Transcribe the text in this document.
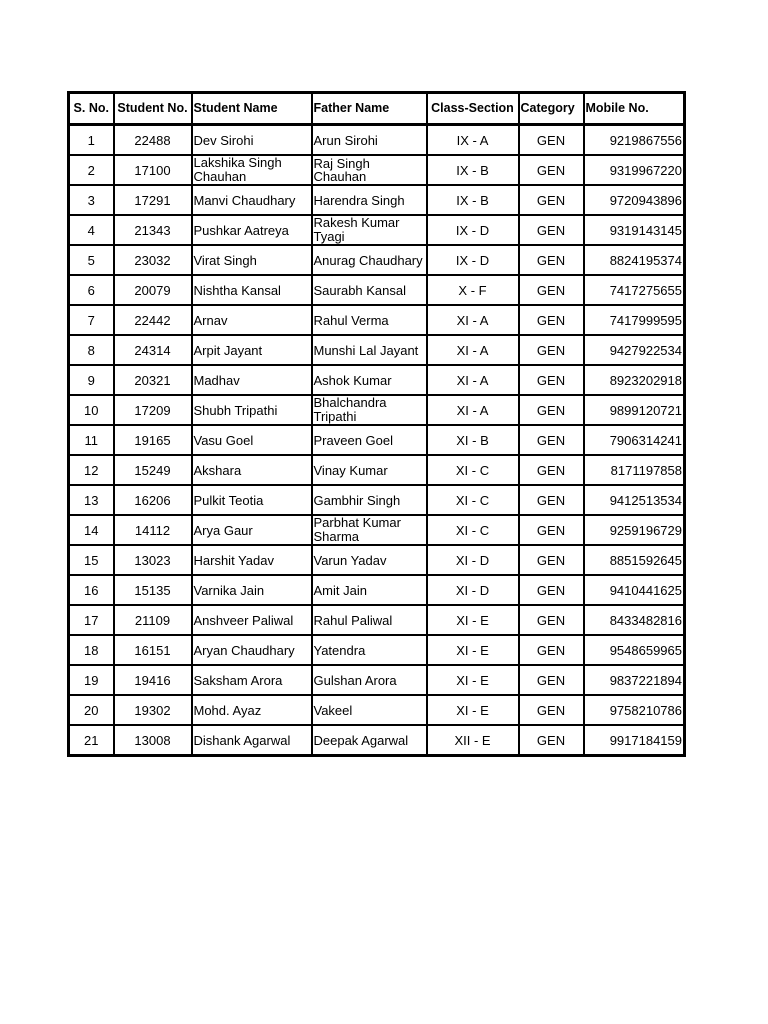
S. No.	Student No.	Student Name	Father Name	Class-Section	Category	Mobile No.
1	22488	Dev Sirohi	Arun Sirohi	IX - A	GEN	9219867556
2	17100	Lakshika Singh Chauhan	Raj Singh Chauhan	IX - B	GEN	9319967220
3	17291	Manvi Chaudhary	Harendra Singh	IX - B	GEN	9720943896
4	21343	Pushkar Aatreya	Rakesh Kumar Tyagi	IX - D	GEN	9319143145
5	23032	Virat Singh	Anurag Chaudhary	IX - D	GEN	8824195374
6	20079	Nishtha Kansal	Saurabh Kansal	X - F	GEN	7417275655
7	22442	Arnav	Rahul Verma	XI - A	GEN	7417999595
8	24314	Arpit Jayant	Munshi Lal Jayant	XI - A	GEN	9427922534
9	20321	Madhav	Ashok Kumar	XI - A	GEN	8923202918
10	17209	Shubh Tripathi	Bhalchandra Tripathi	XI - A	GEN	9899120721
11	19165	Vasu Goel	Praveen Goel	XI - B	GEN	7906314241
12	15249	Akshara	Vinay Kumar	XI - C	GEN	8171197858
13	16206	Pulkit Teotia	Gambhir Singh	XI - C	GEN	9412513534
14	14112	Arya Gaur	Parbhat Kumar Sharma	XI - C	GEN	9259196729
15	13023	Harshit Yadav	Varun Yadav	XI - D	GEN	8851592645
16	15135	Varnika Jain	Amit Jain	XI - D	GEN	9410441625
17	21109	Anshveer Paliwal	Rahul Paliwal	XI - E	GEN	8433482816
18	16151	Aryan Chaudhary	Yatendra	XI - E	GEN	9548659965
19	19416	Saksham Arora	Gulshan Arora	XI - E	GEN	9837221894
20	19302	Mohd. Ayaz	Vakeel	XI - E	GEN	9758210786
21	13008	Dishank Agarwal	Deepak Agarwal	XII - E	GEN	9917184159
